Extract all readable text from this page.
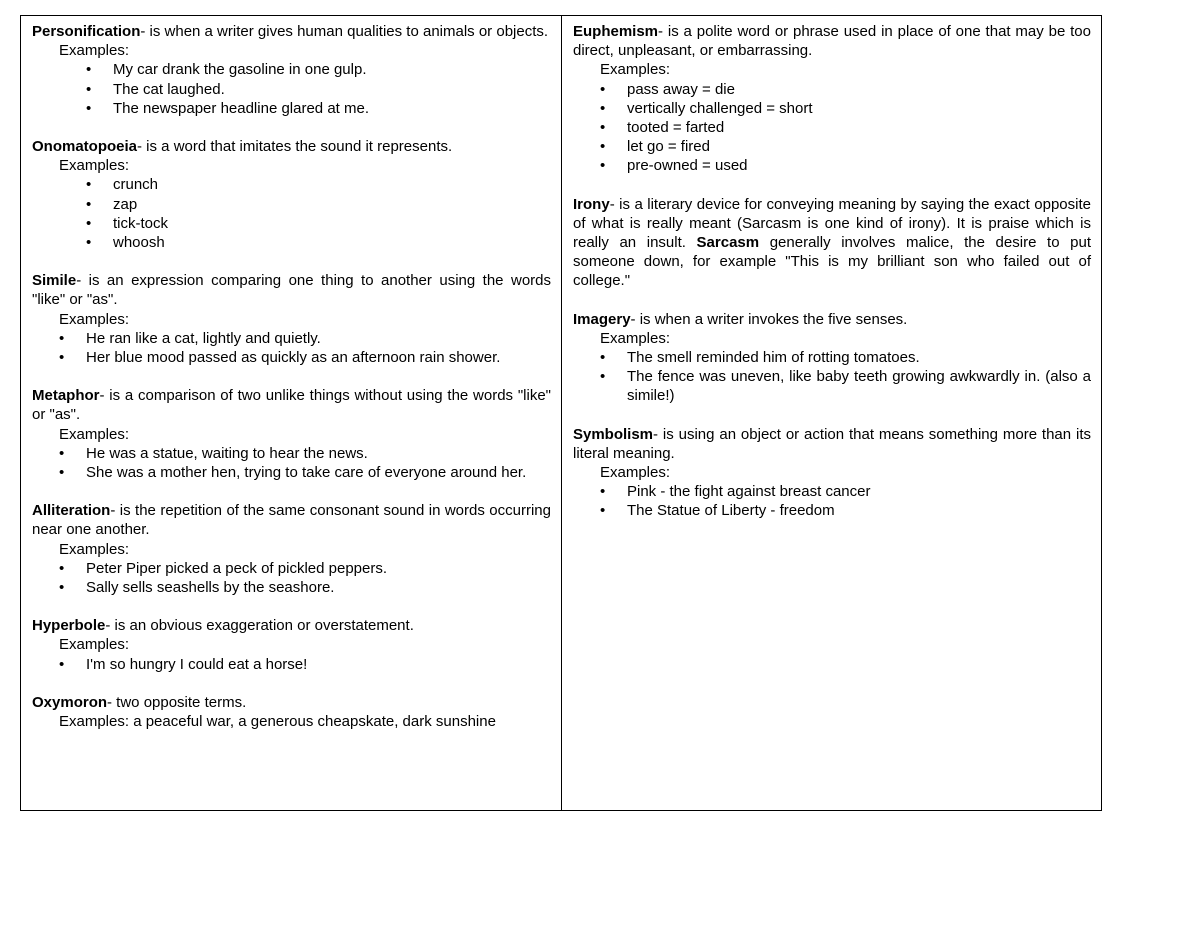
Personification- is when a writer gives human qualities to animals or objects.
Examples:
• My car drank the gasoline in one gulp.
• The cat laughed.
• The newspaper headline glared at me.
Onomatopoeia- is a word that imitates the sound it represents.
Examples:
• crunch
• zap
• tick-tock
• whoosh
Simile- is an expression comparing one thing to another using the words "like" or "as".
Examples:
• He ran like a cat, lightly and quietly.
• Her blue mood passed as quickly as an afternoon rain shower.
Metaphor- is a comparison of two unlike things without using the words "like" or "as".
Examples:
• He was a statue, waiting to hear the news.
• She was a mother hen, trying to take care of everyone around her.
Alliteration- is the repetition of the same consonant sound in words occurring near one another.
Examples:
• Peter Piper picked a peck of pickled peppers.
• Sally sells seashells by the seashore.
Hyperbole- is an obvious exaggeration or overstatement.
Examples:
• I'm so hungry I could eat a horse!
Oxymoron- two opposite terms.
Examples: a peaceful war, a generous cheapskate, dark sunshine
Euphemism- is a polite word or phrase used in place of one that may be too direct, unpleasant, or embarrassing.
Examples:
• pass away = die
• vertically challenged = short
• tooted = farted
• let go = fired
• pre-owned = used
Irony- is a literary device for conveying meaning by saying the exact opposite of what is really meant (Sarcasm is one kind of irony). It is praise which is really an insult. Sarcasm generally involves malice, the desire to put someone down, for example "This is my brilliant son who failed out of college."
Imagery- is when a writer invokes the five senses.
Examples:
• The smell reminded him of rotting tomatoes.
• The fence was uneven, like baby teeth growing awkwardly in. (also a simile!)
Symbolism- is using an object or action that means something more than its literal meaning.
Examples:
• Pink - the fight against breast cancer
• The Statue of Liberty - freedom
